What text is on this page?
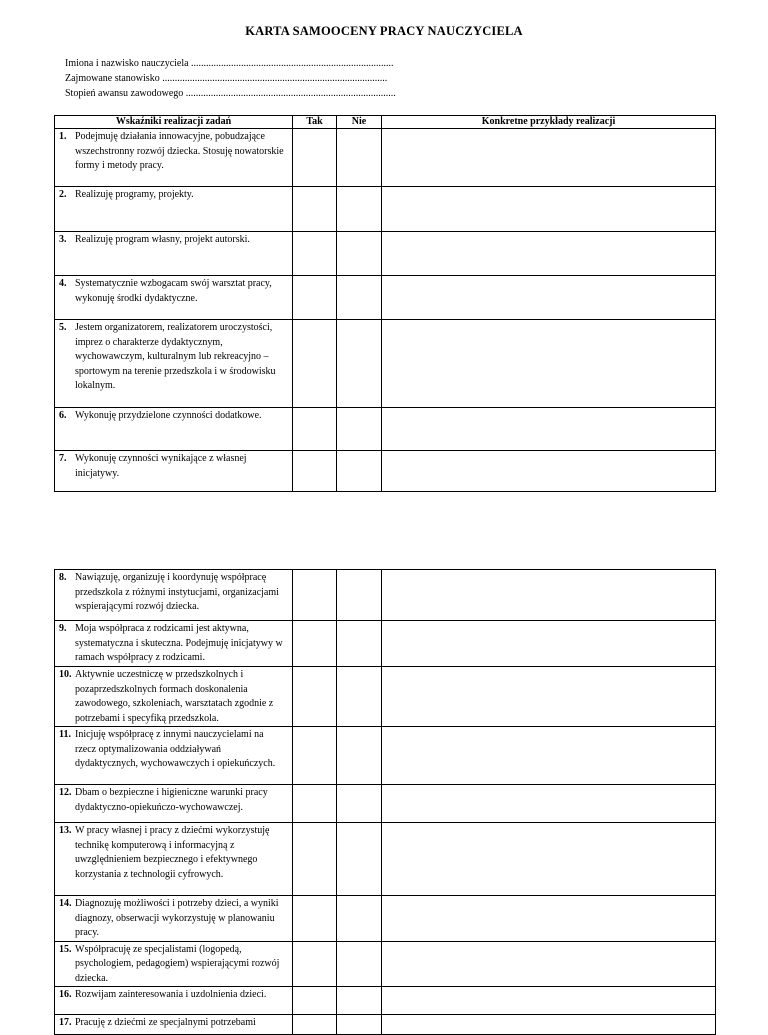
KARTA SAMOOCENY PRACY NAUCZYCIELA
Imiona i nazwisko nauczyciela .................................................................................
Zajmowane stanowisko ..........................................................................................
Stopień awansu zawodowego ....................................................................................
Wskaźniki realizacji zadań	Tak	Nie	Konkretne przykłady realizacji

1. Podejmuję działania innowacyjne, pobudzające wszechstronny rozwój dziecka. Stosuję nowatorskie formy i metody pracy.			

2. Realizuję programy, projekty.			

3. Realizuję program własny, projekt autorski.			

4. Systematycznie wzbogacam swój warsztat pracy, wykonuję środki dydaktyczne.			

5. Jestem organizatorem, realizatorem uroczystości, imprez o charakterze dydaktycznym, wychowawczym, kulturalnym lub rekreacyjno – sportowym na terenie przedszkola i w środowisku lokalnym.			

6. Wykonuję przydzielone czynności dodatkowe.			

7. Wykonuję czynności wynikające z własnej inicjatywy.			

8. Nawiązuję, organizuję i koordynuję współpracę przedszkola z różnymi instytucjami, organizacjami wspierającymi rozwój dziecka.			

9. Moja współpraca z rodzicami jest aktywna, systematyczna i skuteczna. Podejmuję inicjatywy w ramach współpracy z rodzicami.			

10. Aktywnie uczestniczę w przedszkolnych i pozaprzedszkolnych formach doskonalenia zawodowego, szkoleniach, warsztatach zgodnie z potrzebami i specyfiką przedszkola.			

11. Inicjuję współpracę z innymi nauczycielami na rzecz optymalizowania oddziaływań dydaktycznych, wychowawczych i opiekuńczych.			

12. Dbam o bezpieczne i higieniczne warunki pracy dydaktyczno-opiekuńczo-wychowawczej.			

13. W pracy własnej i pracy z dziećmi wykorzystuję technikę komputerową i informacyjną z uwzględnieniem bezpiecznego i efektywnego korzystania z technologii cyfrowych.			

14. Diagnozuję możliwości i potrzeby dzieci, a wyniki diagnozy, obserwacji wykorzystuję w planowaniu pracy.			

15. Współpracuję ze specjalistami (logopedą, psychologiem, pedagogiem) wspierającymi rozwój dziecka.			

16. Rozwijam zainteresowania i uzdolnienia dzieci.			

17. Pracuję z dziećmi ze specjalnymi potrzebami			
